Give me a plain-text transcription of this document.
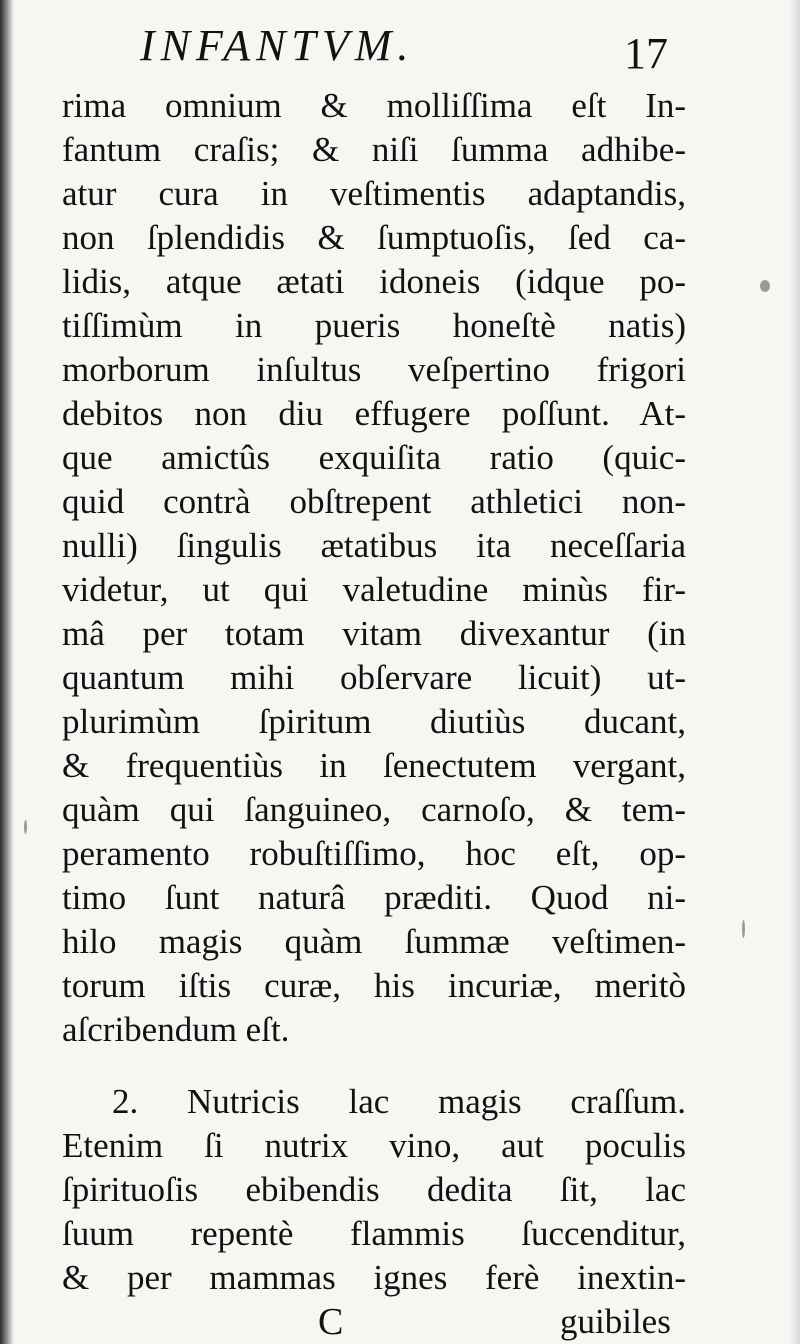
INFANTVM.	17
rima omnium & molliſſima eſt In-
fantum craſis; & niſi ſumma adhibe-
atur cura in veſtimentis adaptandis,
non ſplendidis & ſumptuoſis, ſed ca-
lidis, atque ætati idoneis (idque po-
tiſſimùm in pueris honeſtè natis)
morborum inſultus veſpertino frigori
debitos non diu effugere poſſunt. At-
que amictûs exquiſita ratio (quic-
quid contrà obſtrepent athletici non-
nulli) ſingulis ætatibus ita neceſſaria
videtur, ut qui valetudine minùs fir-
mâ per totam vitam divexantur (in
quantum mihi obſervare licuit) ut-
plurimùm ſpiritum diutiùs ducant,
& frequentiùs in ſenectutem vergant,
quàm qui ſanguineo, carnoſo, & tem-
peramento robuſtiſſimo, hoc eſt, op-
timo ſunt naturâ præditi. Quod ni-
hilo magis quàm ſummæ veſtimen-
torum iſtis curæ, his incuriæ, meritò
aſcribendum eſt.
2. Nutricis lac magis craſſum.
Etenim ſi nutrix vino, aut poculis
ſpirituoſis ebibendis dedita ſit, lac
ſuum repentè flammis ſuccenditur,
& per mammas ignes ferè inextin-
C	guibiles
